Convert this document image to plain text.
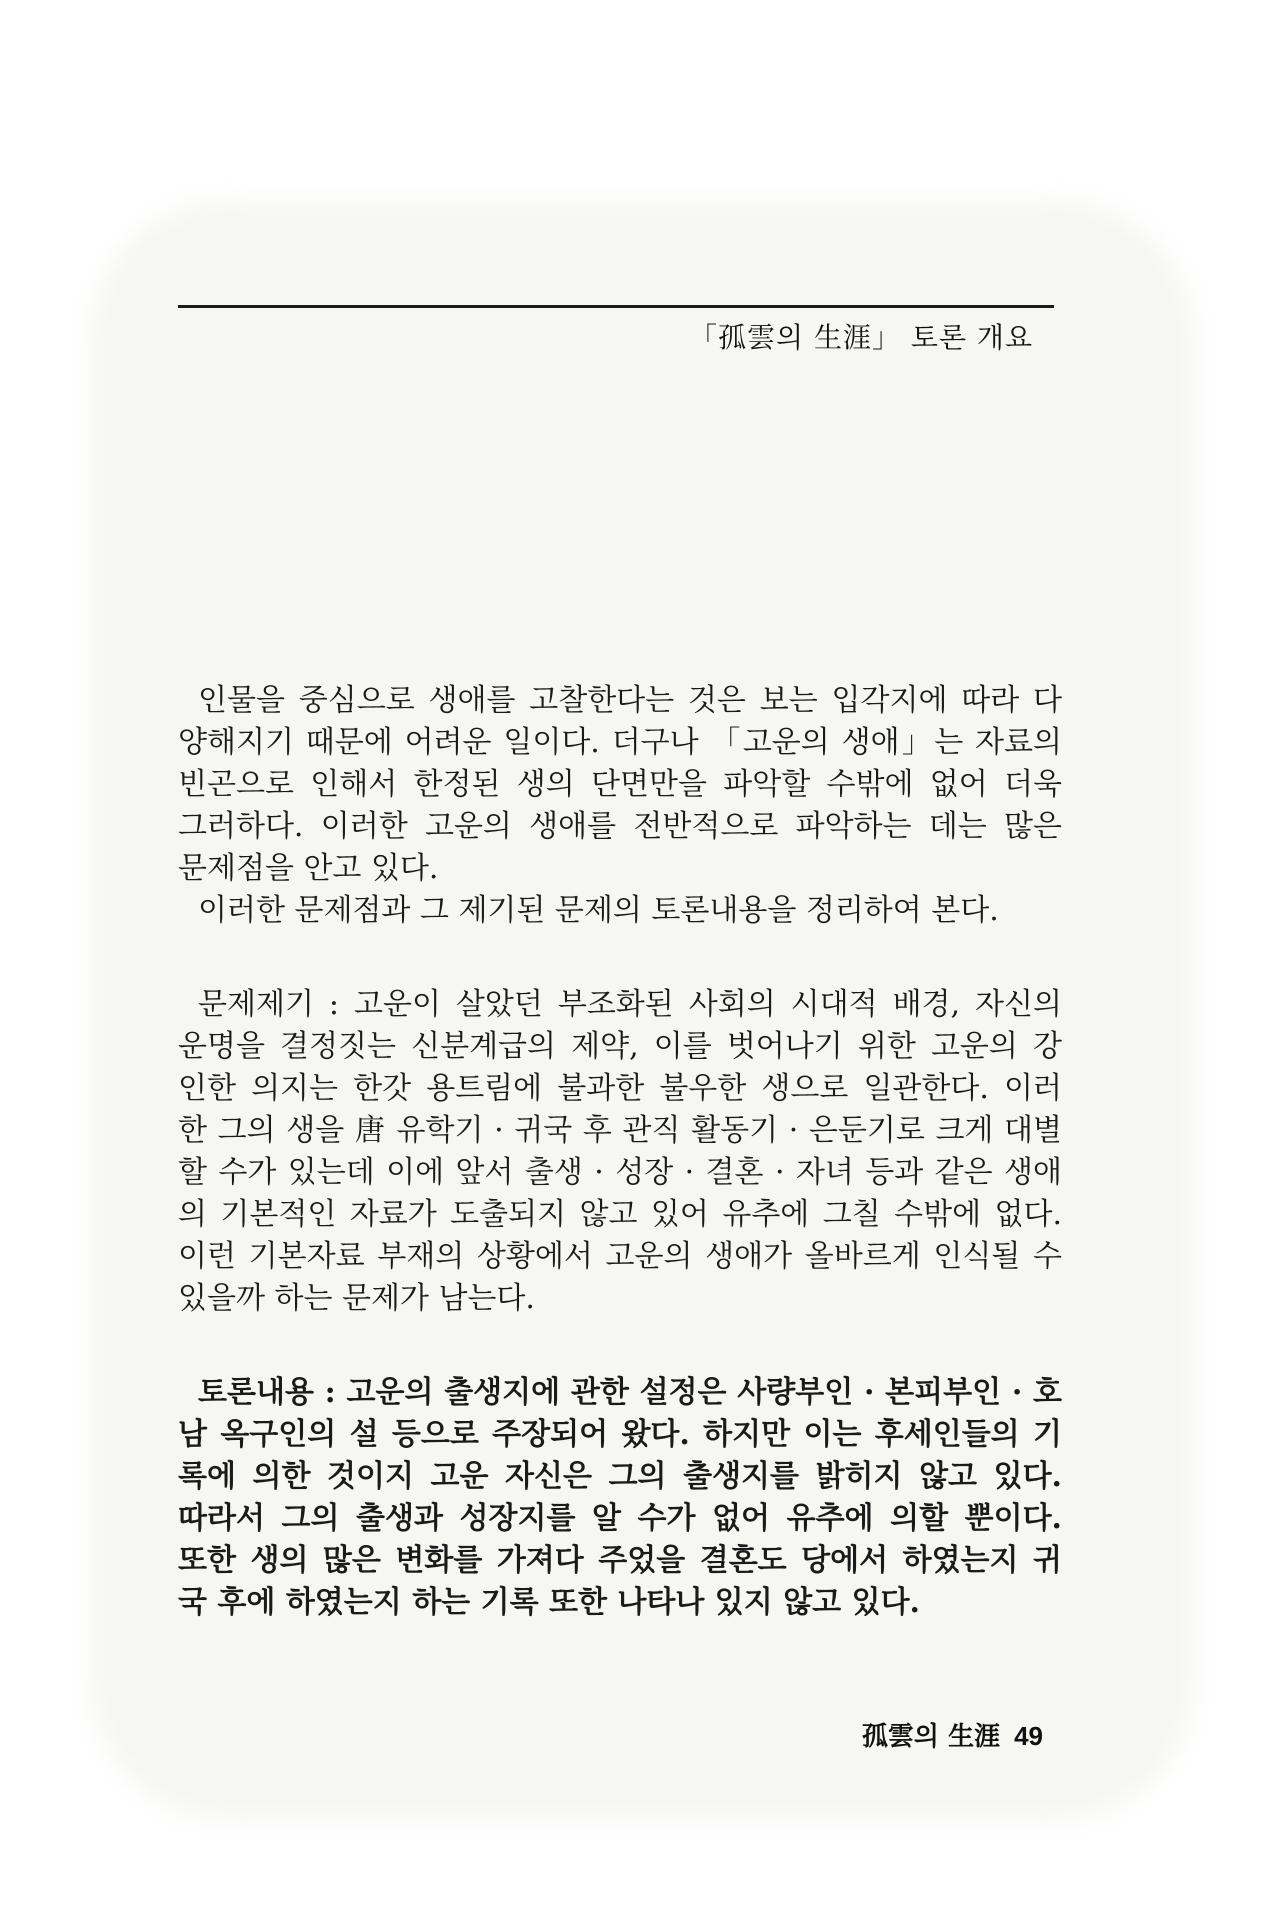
「孤雲의 生涯」 토론 개요
인물을 중심으로 생애를 고찰한다는 것은 보는 입각지에 따라 다
양해지기 때문에 어려운 일이다. 더구나 「고운의 생애」는 자료의
빈곤으로 인해서 한정된 생의 단면만을 파악할 수밖에 없어 더욱
그러하다. 이러한 고운의 생애를 전반적으로 파악하는 데는 많은
문제점을 안고 있다.
이러한 문제점과 그 제기된 문제의 토론내용을 정리하여 본다.
문제제기 : 고운이 살았던 부조화된 사회의 시대적 배경, 자신의
운명을 결정짓는 신분계급의 제약, 이를 벗어나기 위한 고운의 강
인한 의지는 한갓 용트림에 불과한 불우한 생으로 일관한다. 이러
한 그의 생을 唐 유학기 · 귀국 후 관직 활동기 · 은둔기로 크게 대별
할 수가 있는데 이에 앞서 출생 · 성장 · 결혼 · 자녀 등과 같은 생애
의 기본적인 자료가 도출되지 않고 있어 유추에 그칠 수밖에 없다.
이런 기본자료 부재의 상황에서 고운의 생애가 올바르게 인식될 수
있을까 하는 문제가 남는다.
토론내용 : 고운의 출생지에 관한 설정은 사량부인 · 본피부인 · 호
남 옥구인의 설 등으로 주장되어 왔다. 하지만 이는 후세인들의 기
록에 의한 것이지 고운 자신은 그의 출생지를 밝히지 않고 있다.
따라서 그의 출생과 성장지를 알 수가 없어 유추에 의할 뿐이다.
또한 생의 많은 변화를 가져다 주었을 결혼도 당에서 하였는지 귀
국 후에 하였는지 하는 기록 또한 나타나 있지 않고 있다.
孤雲의 生涯 49
